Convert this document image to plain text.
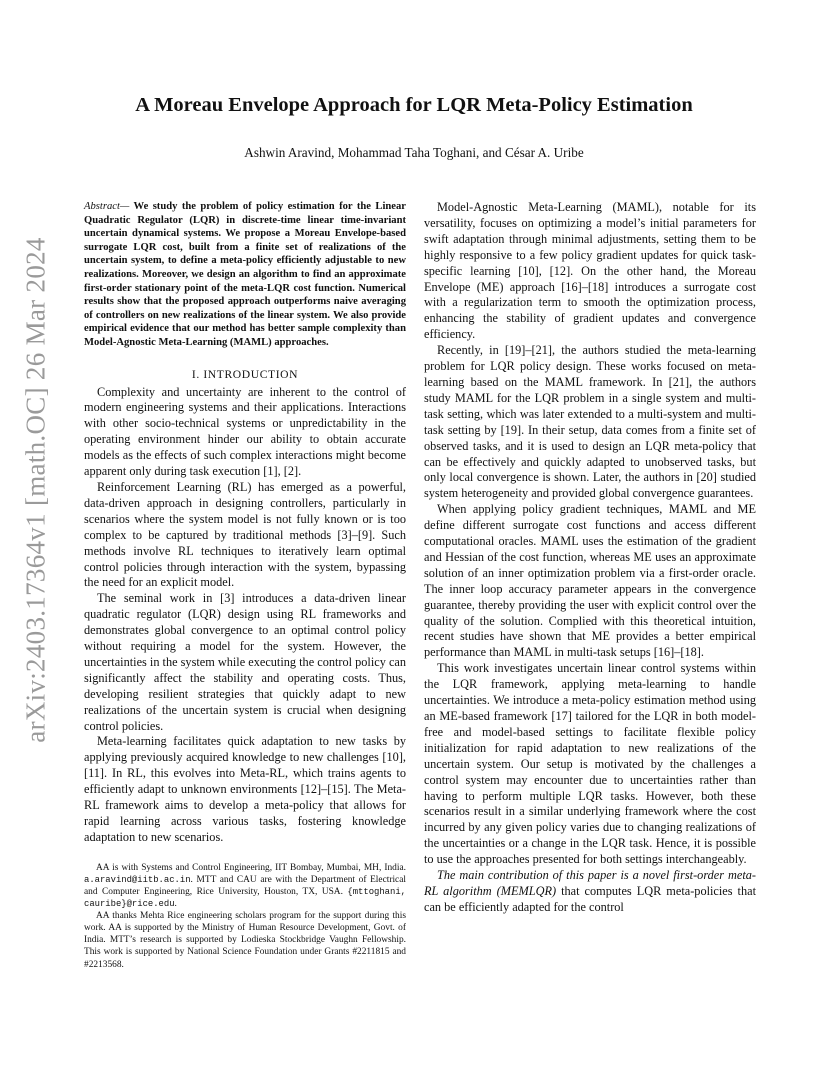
arXiv:2403.17364v1 [math.OC] 26 Mar 2024
A Moreau Envelope Approach for LQR Meta-Policy Estimation

Ashwin Aravind, Mohammad Taha Toghani, and César A. Uribe

Abstract— We study the problem of policy estimation for the Linear Quadratic Regulator (LQR) in discrete-time linear time-invariant uncertain dynamical systems. We propose a Moreau Envelope-based surrogate LQR cost, built from a finite set of realizations of the uncertain system, to define a meta-policy efficiently adjustable to new realizations. Moreover, we design an algorithm to find an approximate first-order stationary point of the meta-LQR cost function. Numerical results show that the proposed approach outperforms naive averaging of controllers on new realizations of the linear system. We also provide empirical evidence that our method has better sample complexity than Model-Agnostic Meta-Learning (MAML) approaches.

I. INTRODUCTION

Complexity and uncertainty are inherent to the control of modern engineering systems and their applications. Interactions with other socio-technical systems or unpredictability in the operating environment hinder our ability to obtain accurate models as the effects of such complex interactions might become apparent only during task execution [1], [2].

Reinforcement Learning (RL) has emerged as a powerful, data-driven approach in designing controllers, particularly in scenarios where the system model is not fully known or is too complex to be captured by traditional methods [3]–[9]. Such methods involve RL techniques to iteratively learn optimal control policies through interaction with the system, bypassing the need for an explicit model.

The seminal work in [3] introduces a data-driven linear quadratic regulator (LQR) design using RL frameworks and demonstrates global convergence to an optimal control policy without requiring a model for the system. However, the uncertainties in the system while executing the control policy can significantly affect the stability and operating costs. Thus, developing resilient strategies that quickly adapt to new realizations of the uncertain system is crucial when designing control policies.

Meta-learning facilitates quick adaptation to new tasks by applying previously acquired knowledge to new challenges [10], [11]. In RL, this evolves into Meta-RL, which trains agents to efficiently adapt to unknown environments [12]–[15]. The Meta-RL framework aims to develop a meta-policy that allows for rapid learning across various tasks, fostering knowledge adaptation to new scenarios.

AA is with Systems and Control Engineering, IIT Bombay, Mumbai, MH, India. a.aravind@iitb.ac.in. MTT and CAU are with the Department of Electrical and Computer Engineering, Rice University, Houston, TX, USA. {mttoghani, cauribe}@rice.edu.

AA thanks Mehta Rice engineering scholars program for the support during this work. AA is supported by the Ministry of Human Resource Development, Govt. of India. MTT’s research is supported by Lodieska Stockbridge Vaughn Fellowship. This work is supported by National Science Foundation under Grants #2211815 and #2213568.

Model-Agnostic Meta-Learning (MAML), notable for its versatility, focuses on optimizing a model’s initial parameters for swift adaptation through minimal adjustments, setting them to be highly responsive to a few policy gradient updates for quick task-specific learning [10], [12]. On the other hand, the Moreau Envelope (ME) approach [16]–[18] introduces a surrogate cost with a regularization term to smooth the optimization process, enhancing the stability of gradient updates and convergence efficiency.

Recently, in [19]–[21], the authors studied the meta-learning problem for LQR policy design. These works focused on meta-learning based on the MAML framework. In [21], the authors study MAML for the LQR problem in a single system and multi-task setting, which was later extended to a multi-system and multi-task setting by [19]. In their setup, data comes from a finite set of observed tasks, and it is used to design an LQR meta-policy that can be effectively and quickly adapted to unobserved tasks, but only local convergence is shown. Later, the authors in [20] studied system heterogeneity and provided global convergence guarantees.

When applying policy gradient techniques, MAML and ME define different surrogate cost functions and access different computational oracles. MAML uses the estimation of the gradient and Hessian of the cost function, whereas ME uses an approximate solution of an inner optimization problem via a first-order oracle. The inner loop accuracy parameter appears in the convergence guarantee, thereby providing the user with explicit control over the quality of the solution. Complied with this theoretical intuition, recent studies have shown that ME provides a better empirical performance than MAML in multi-task setups [16]–[18].

This work investigates uncertain linear control systems within the LQR framework, applying meta-learning to handle uncertainties. We introduce a meta-policy estimation method using an ME-based framework [17] tailored for the LQR in both model-free and model-based settings to facilitate flexible policy initialization for rapid adaptation to new realizations of the uncertain system. Our setup is motivated by the challenges a control system may encounter due to uncertainties rather than having to perform multiple LQR tasks. However, both these scenarios result in a similar underlying framework where the cost incurred by any given policy varies due to changing realizations of the uncertainties or a change in the LQR task. Hence, it is possible to use the approaches presented for both settings interchangeably.

The main contribution of this paper is a novel first-order meta-RL algorithm (MEMLQR) that computes LQR meta-policies that can be efficiently adapted for the control
